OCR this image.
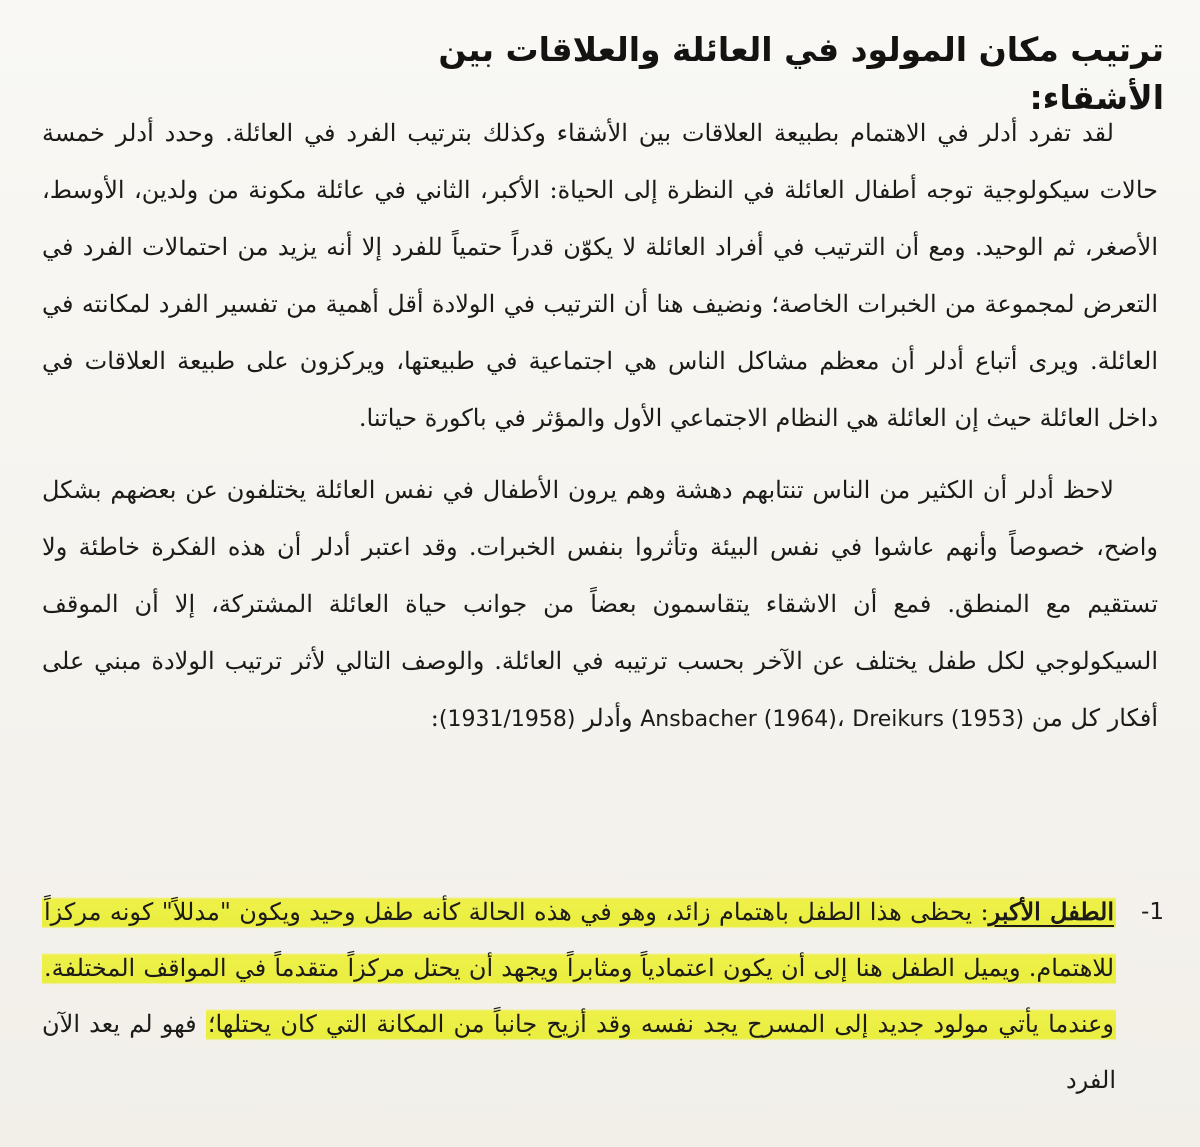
ترتيب مكان المولود في العائلة والعلاقات بين الأشقاء:

لقد تفرد أدلر في الاهتمام بطبيعة العلاقات بين الأشقاء وكذلك بترتيب الفرد في العائلة. وحدد أدلر خمسة حالات سيكولوجية توجه أطفال العائلة في النظرة إلى الحياة: الأكبر، الثاني في عائلة مكونة من ولدين، الأوسط، الأصغر، ثم الوحيد. ومع أن الترتيب في أفراد العائلة لا يكوّن قدراً حتمياً للفرد إلا أنه يزيد من احتمالات الفرد في التعرض لمجموعة من الخبرات الخاصة؛ ونضيف هنا أن الترتيب في الولادة أقل أهمية من تفسير الفرد لمكانته في العائلة. ويرى أتباع أدلر أن معظم مشاكل الناس هي اجتماعية في طبيعتها، ويركزون على طبيعة العلاقات في داخل العائلة حيث إن العائلة هي النظام الاجتماعي الأول والمؤثر في باكورة حياتنا.

لاحظ أدلر أن الكثير من الناس تنتابهم دهشة وهم يرون الأطفال في نفس العائلة يختلفون عن بعضهم بشكل واضح، خصوصاً وأنهم عاشوا في نفس البيئة وتأثروا بنفس الخبرات. وقد اعتبر أدلر أن هذه الفكرة خاطئة ولا تستقيم مع المنطق. فمع أن الاشقاء يتقاسمون بعضاً من جوانب حياة العائلة المشتركة، إلا أن الموقف السيكولوجي لكل طفل يختلف عن الآخر بحسب ترتيبه في العائلة. والوصف التالي لأثر ترتيب الولادة مبني على أفكار كل من Ansbacher (1964)، Dreikurs (1953) وأدلر (1931/1958):

1-

الطفل الأكبر: يحظى هذا الطفل باهتمام زائد، وهو في هذه الحالة كأنه طفل وحيد ويكون "مدللاً" كونه مركزاً للاهتمام. ويميل الطفل هنا إلى أن يكون اعتمادياً ومثابراً ويجهد أن يحتل مركزاً متقدماً في المواقف المختلفة. وعندما يأتي مولود جديد إلى المسرح يجد نفسه وقد أزيح جانباً من المكانة التي كان يحتلها؛ فهو لم يعد الآن الفرد
